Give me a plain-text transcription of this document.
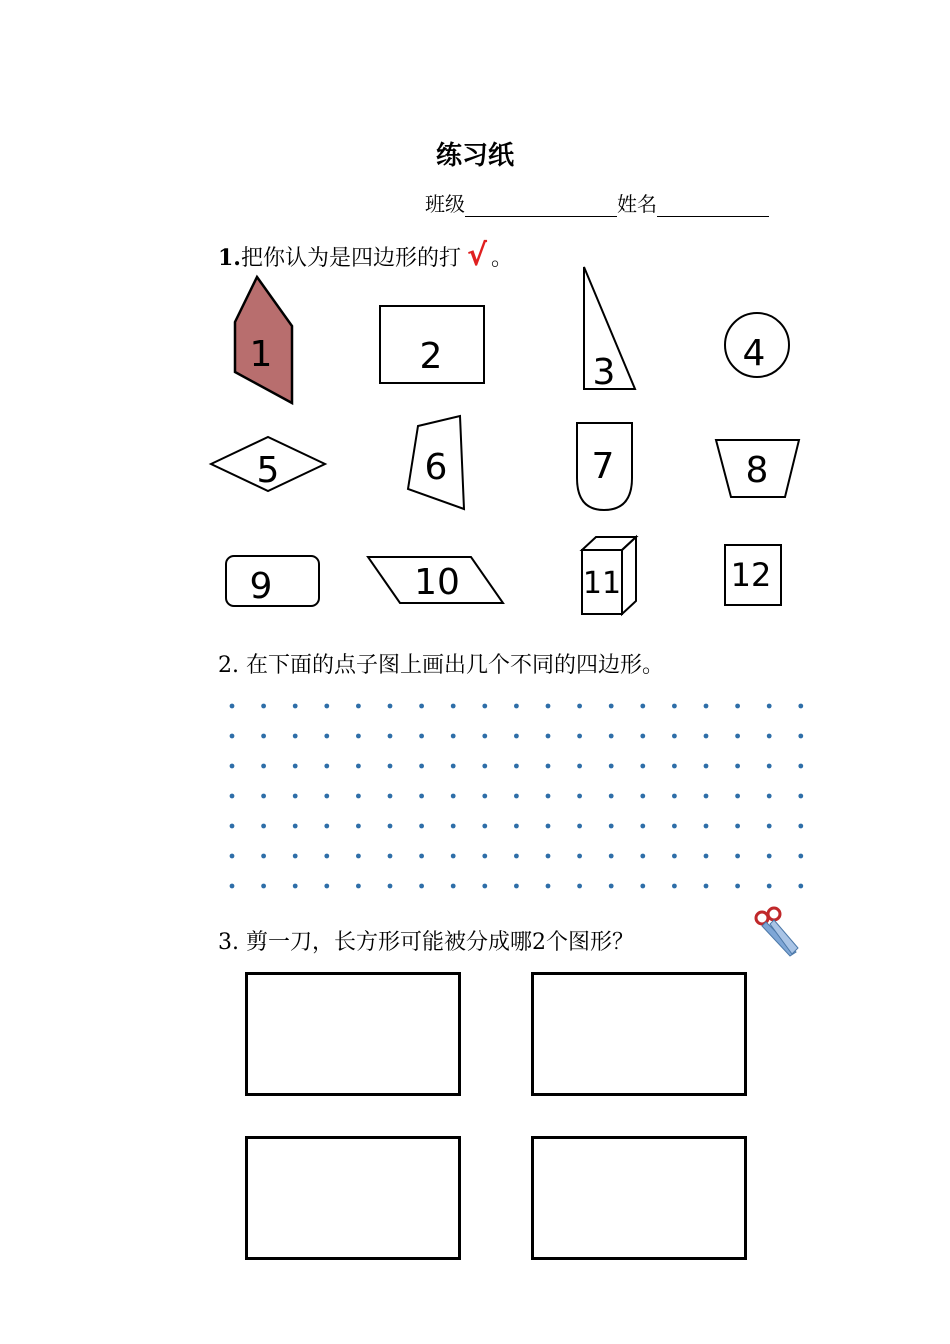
练习纸
班级	姓名
1.把你认为是四边形的打 √ 。
1	2	3	4
5	6	7	8
9	10	11	12
2. 在下面的点子图上画出几个不同的四边形。
3. 剪一刀，长方形可能被分成哪2个图形？
